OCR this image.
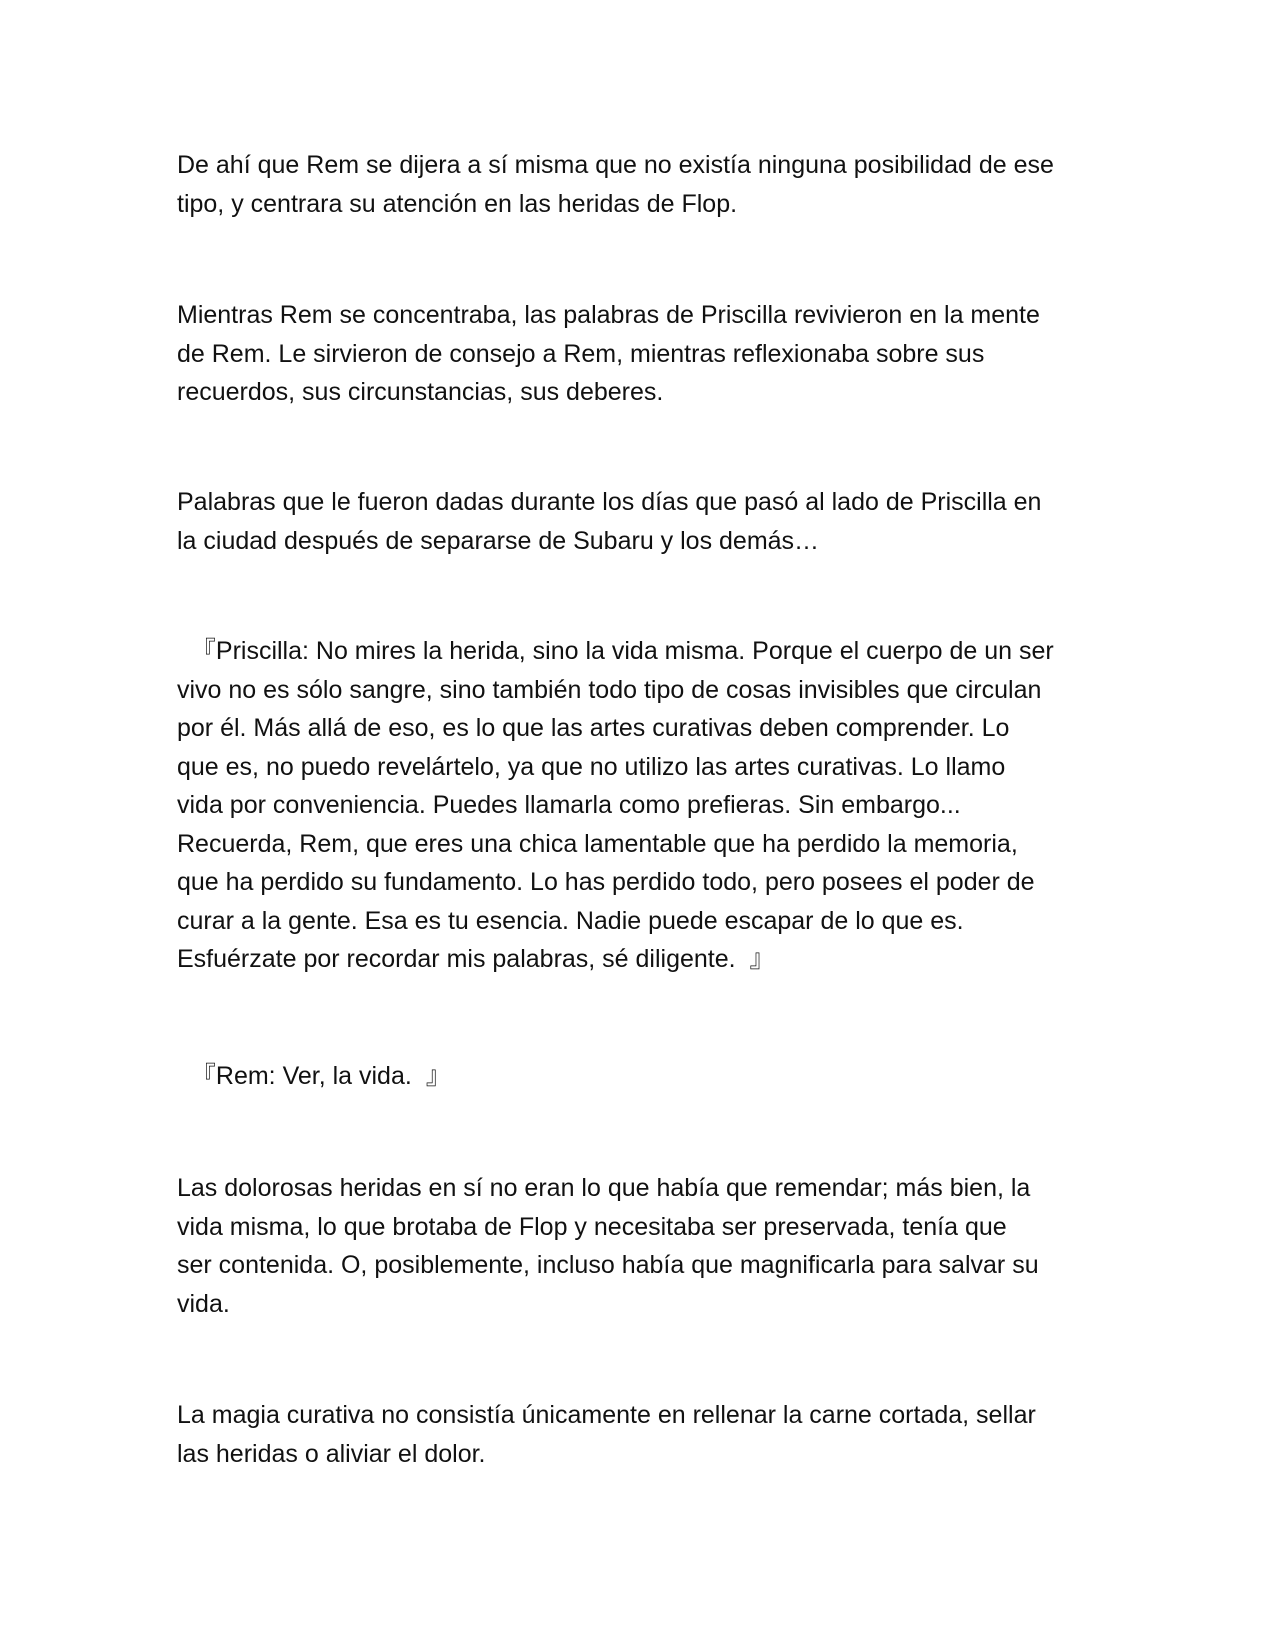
De ahí que Rem se dijera a sí misma que no existía ninguna posibilidad de ese
tipo, y centrara su atención en las heridas de Flop.

Mientras Rem se concentraba, las palabras de Priscilla revivieron en la mente
de Rem. Le sirvieron de consejo a Rem, mientras reflexionaba sobre sus
recuerdos, sus circunstancias, sus deberes.

Palabras que le fueron dadas durante los días que pasó al lado de Priscilla en
la ciudad después de separarse de Subaru y los demás…

『Priscilla: No mires la herida, sino la vida misma. Porque el cuerpo de un ser
vivo no es sólo sangre, sino también todo tipo de cosas invisibles que circulan
por él. Más allá de eso, es lo que las artes curativas deben comprender. Lo
que es, no puedo revelártelo, ya que no utilizo las artes curativas. Lo llamo
vida por conveniencia. Puedes llamarla como prefieras. Sin embargo...
Recuerda, Rem, que eres una chica lamentable que ha perdido la memoria,
que ha perdido su fundamento. Lo has perdido todo, pero posees el poder de
curar a la gente. Esa es tu esencia. Nadie puede escapar de lo que es.
Esfuérzate por recordar mis palabras, sé diligente.  』

『Rem: Ver, la vida.  』

Las dolorosas heridas en sí no eran lo que había que remendar; más bien, la
vida misma, lo que brotaba de Flop y necesitaba ser preservada, tenía que
ser contenida. O, posiblemente, incluso había que magnificarla para salvar su
vida.

La magia curativa no consistía únicamente en rellenar la carne cortada, sellar
las heridas o aliviar el dolor.
